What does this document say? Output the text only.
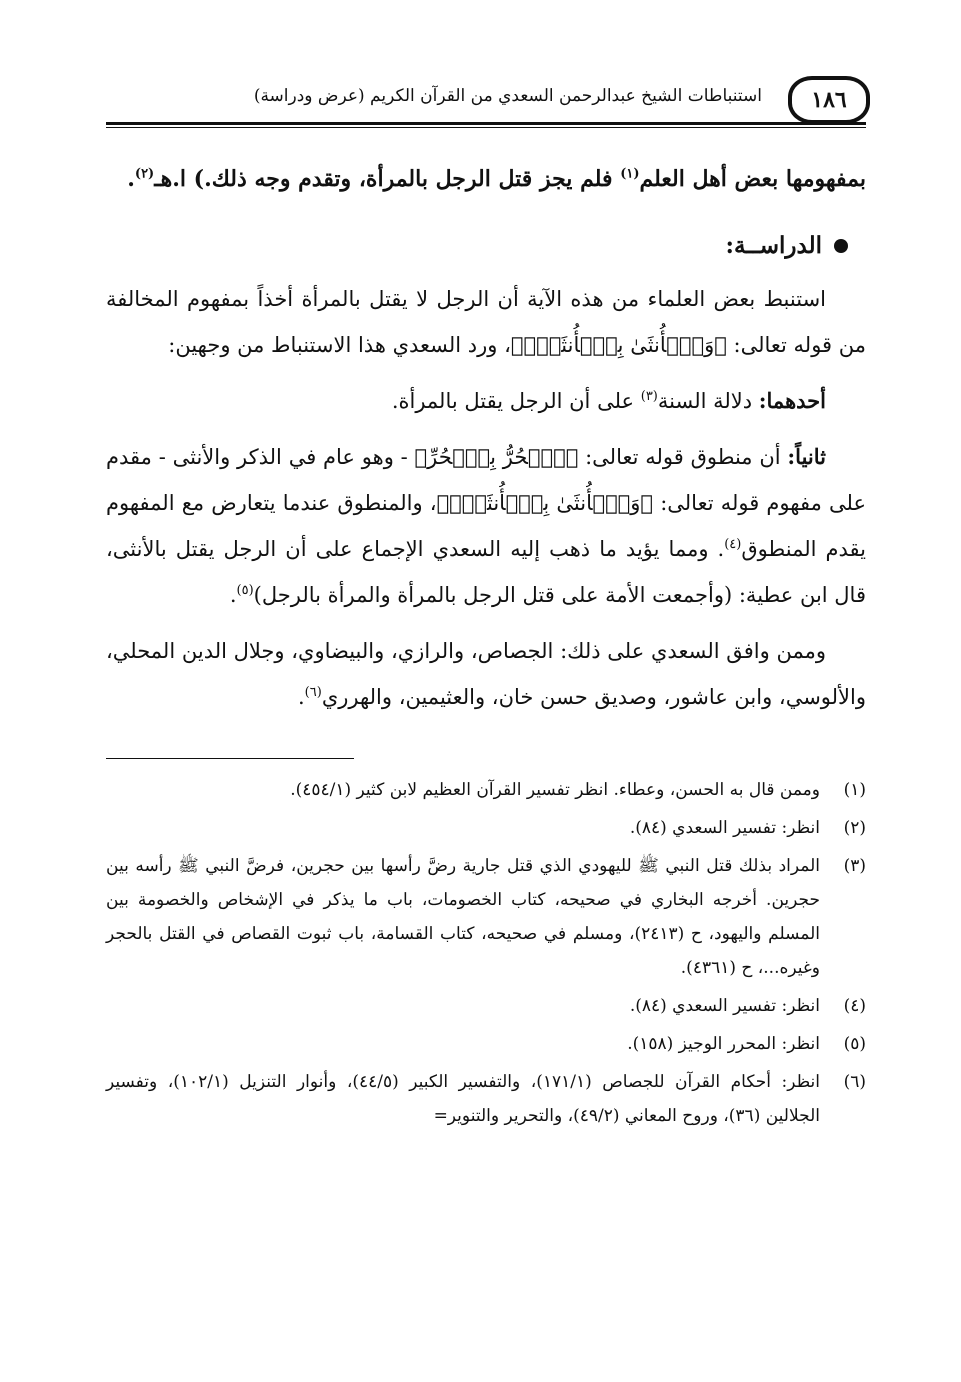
١٨٦
استنباطات الشيخ عبدالرحمن السعدي من القرآن الكريم (عرض ودراسة)
بمفهومها بعض أهل العلم$^{(١)}$ فلم يجز قتل الرجل بالمرأة، وتقدم وجه ذلك.) ا.هـ$^{(٢)}$.
الدراســة:
استنبط بعض العلماء من هذه الآية أن الرجل لا يقتل بالمرأة أخذاً بمفهوم المخالفة من قوله تعالى: ﴿وَٱلۡأُنثَىٰ بِٱلۡأُنثَىٰۚ﴾، ورد السعدي هذا الاستنباط من وجهين:
أحدهما: دلالة السنة$^{(٣)}$ على أن الرجل يقتل بالمرأة.
ثانياً: أن منطوق قوله تعالى: ﴿ٱلۡحُرُّ بِٱلۡحُرِّ﴾ - وهو عام في الذكر والأنثى - مقدم على مفهوم قوله تعالى: ﴿وَٱلۡأُنثَىٰ بِٱلۡأُنثَىٰۚ﴾، والمنطوق عندما يتعارض مع المفهوم يقدم المنطوق$^{(٤)}$. ومما يؤيد ما ذهب إليه السعدي الإجماع على أن الرجل يقتل بالأنثى، قال ابن عطية: (وأجمعت الأمة على قتل الرجل بالمرأة والمرأة بالرجل)$^{(٥)}$.
وممن وافق السعدي على ذلك: الجصاص، والرازي، والبيضاوي، وجلال الدين المحلي، والألوسي، وابن عاشور، وصديق حسن خان، والعثيمين، والهرري$^{(٦)}$.
(١)
وممن قال به الحسن، وعطاء. انظر تفسير القرآن العظيم لابن كثير (٤٥٤/١).
(٢)
انظر: تفسير السعدي (٨٤).
(٣)
المراد بذلك قتل النبي ﷺ لليهودي الذي قتل جارية رضَّ رأسها بين حجرين، فرضَّ النبي ﷺ رأسه بين حجرين. أخرجه البخاري في صحيحه، كتاب الخصومات، باب ما يذكر في الإشخاص والخصومة بين المسلم واليهود، ح (٢٤١٣)، ومسلم في صحيحه، كتاب القسامة، باب ثبوت القصاص في القتل بالحجر وغيره...، ح (٤٣٦١).
(٤)
انظر: تفسير السعدي (٨٤).
(٥)
انظر: المحرر الوجيز (١٥٨).
(٦)
انظر: أحكام القرآن للجصاص (١٧١/١)، والتفسير الكبير (٤٤/٥)، وأنوار التنزيل (١٠٢/١)، وتفسير الجلالين (٣٦)، وروح المعاني (٤٩/٢)، والتحرير والتنوير=
